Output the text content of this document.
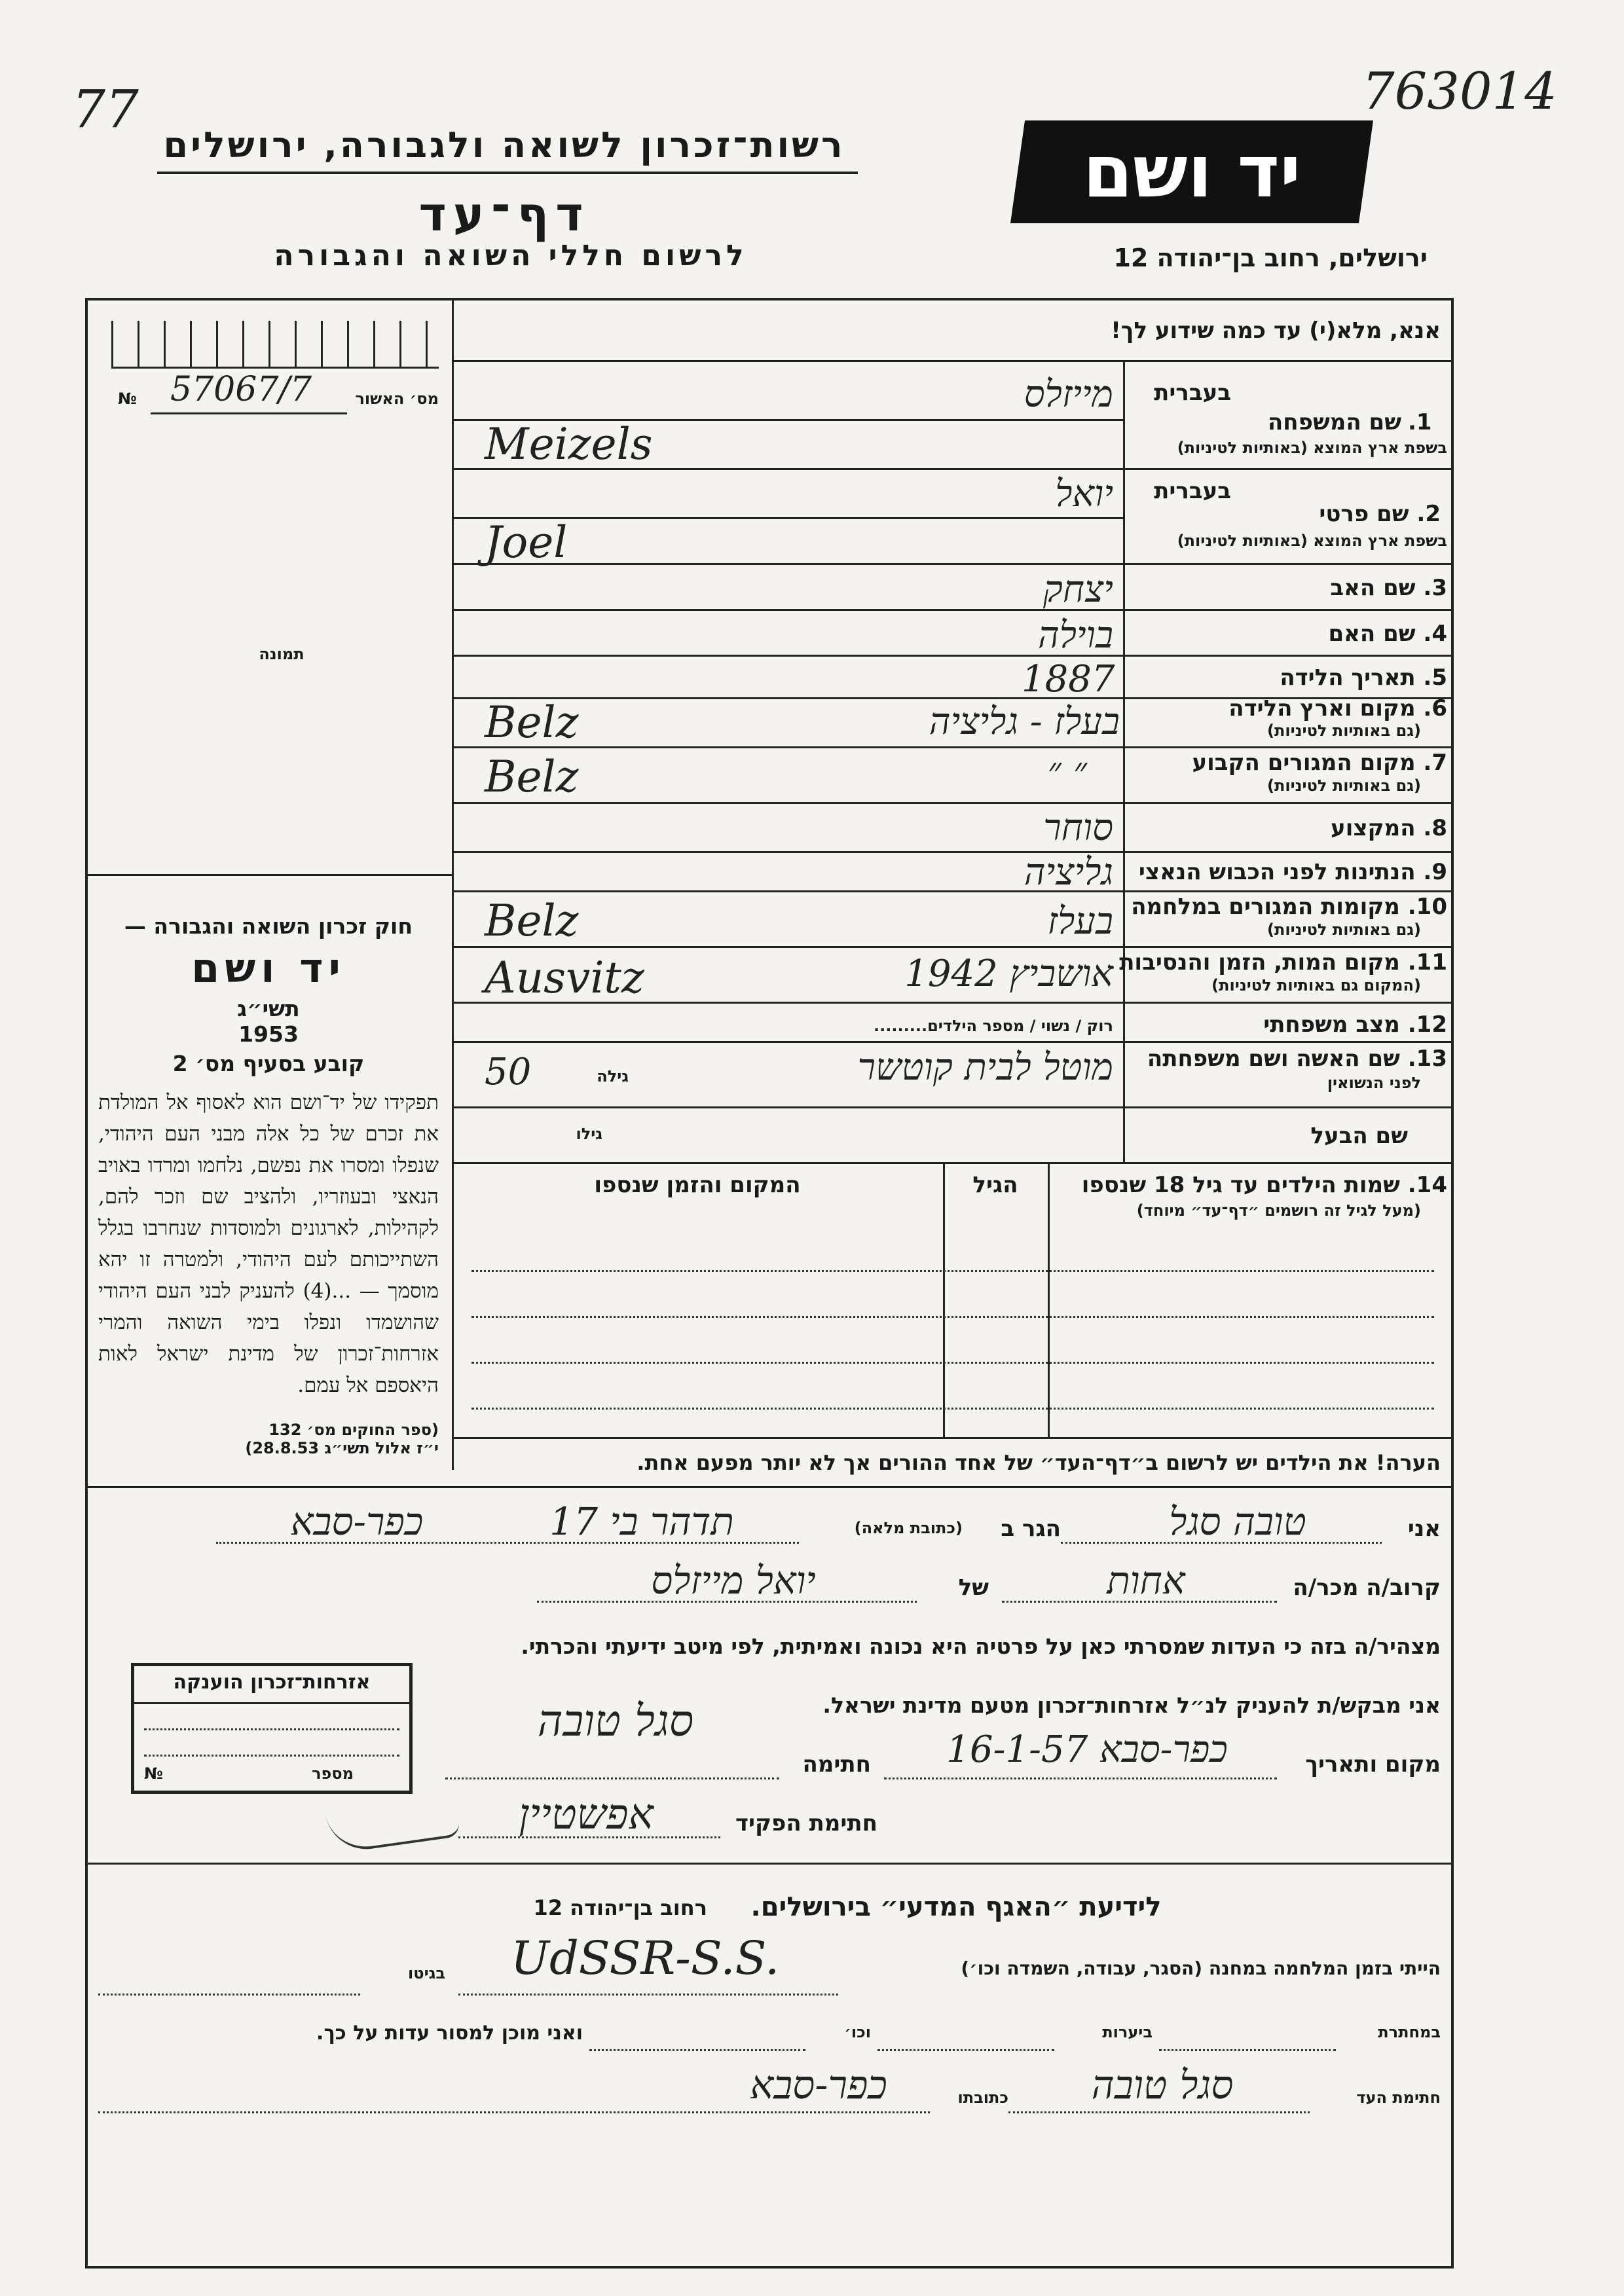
77	763014
רשות־זכרון לשואה ולגבורה, ירושלים
דף־עד
לרשום חללי השואה והגבורה
יד ושם
ירושלים, רחוב בן־יהודה 12
אנא, מלא(י) עד כמה שידוע לך!
מס׳ האשור
57067/7
№
תמונה
חוק זכרון השואה והגבורה —
יד ושם
תשי״ג
1953
קובע בסעיף מס׳ 2
תפקידו של יד־ושם הוא לאסוף אל המולדת את זכרם של כל אלה מבני העם היהודי, שנפלו ומסרו את נפשם, נלחמו ומרדו באויב הנאצי ובעוזריו, ולהציב שם וזכר להם, לקהילות, לארגונים ולמוסדות שנחרבו בגלל השתייכותם לעם היהודי, ולמטרה זו יהא מוסמך — ...(4) להעניק לבני העם היהודי שהושמדו ונפלו בימי השואה והמרי אזרחות־זכרון של מדינת ישראל לאות היאספם אל עמם.
(ספר החוקים מס׳ 132
י״ז אלול תשי״ג 28.8.53)
1.
שם המשפחה
בשפת ארץ המוצא (באותיות לטיניות)
בעברית
מייזלס
Meizels
2. שם פרטי
בשפת ארץ המוצא (באותיות לטיניות)
בעברית
יואל
Joel
3. שם האב
יצחק
4. שם האם
בוילה
5. תאריך הלידה
1887
6. מקום וארץ הלידה
(גם באותיות לטיניות)
בעלז - גליציה
Belz
7. מקום המגורים הקבוע
(גם באותיות לטיניות)
״ ״
Belz
8. המקצוע
סוחר
9. הנתינות לפני הכבוש הנאצי
גליציה
10. מקומות המגורים במלחמה
(גם באותיות לטיניות)
בעלז
Belz
11. מקום המות, הזמן והנסיבות
(המקום גם באותיות לטיניות)
אושביץ 1942
Ausvitz
12. מצב משפחתי
רוק / נשוי / מספר הילדים.........
13. שם האשה ושם משפחתה
לפני הנשואין
מוטל לבית קוטשר
גילה
50
שם הבעל
גילו
14. שמות הילדים עד גיל 18 שנספו
(מעל לגיל זה רושמים ״דף־עד״ מיוחד)
הגיל
המקום והזמן שנספו
הערה! את הילדים יש לרשום ב״דף־העד״ של אחד ההורים אך לא יותר מפעם אחת.
אני
טובה סגל
הגר ב
(כתובת מלאה)
תדהר בי 17
כפר-סבא
קרוב/ה מכר/ה
אחות
של
יואל מייזלס
מצהיר/ה בזה כי העדות שמסרתי כאן על פרטיה היא נכונה ואמיתית, לפי מיטב ידיעתי והכרתי.
אני מבקש/ת להעניק לנ״ל אזרחות־זכרון מטעם מדינת ישראל.
מקום ותאריך
כפר-סבא 16-1-57
חתימה
סגל טובה
חתימת הפקיד
אפשטיין
אזרחות־זכרון הוענקה
מספר
№
לידיעת ״האגף המדעי״ בירושלים.
רחוב בן־יהודה 12
הייתי בזמן המלחמה במחנה (הסגר, עבודה, השמדה וכו׳)
UdSSR-S.S.
בגיטו
במחתרת
ביערות
וכו׳
ואני מוכן למסור עדות על כך.
חתימת העד
סגל טובה
כתובתו
כפר-סבא
